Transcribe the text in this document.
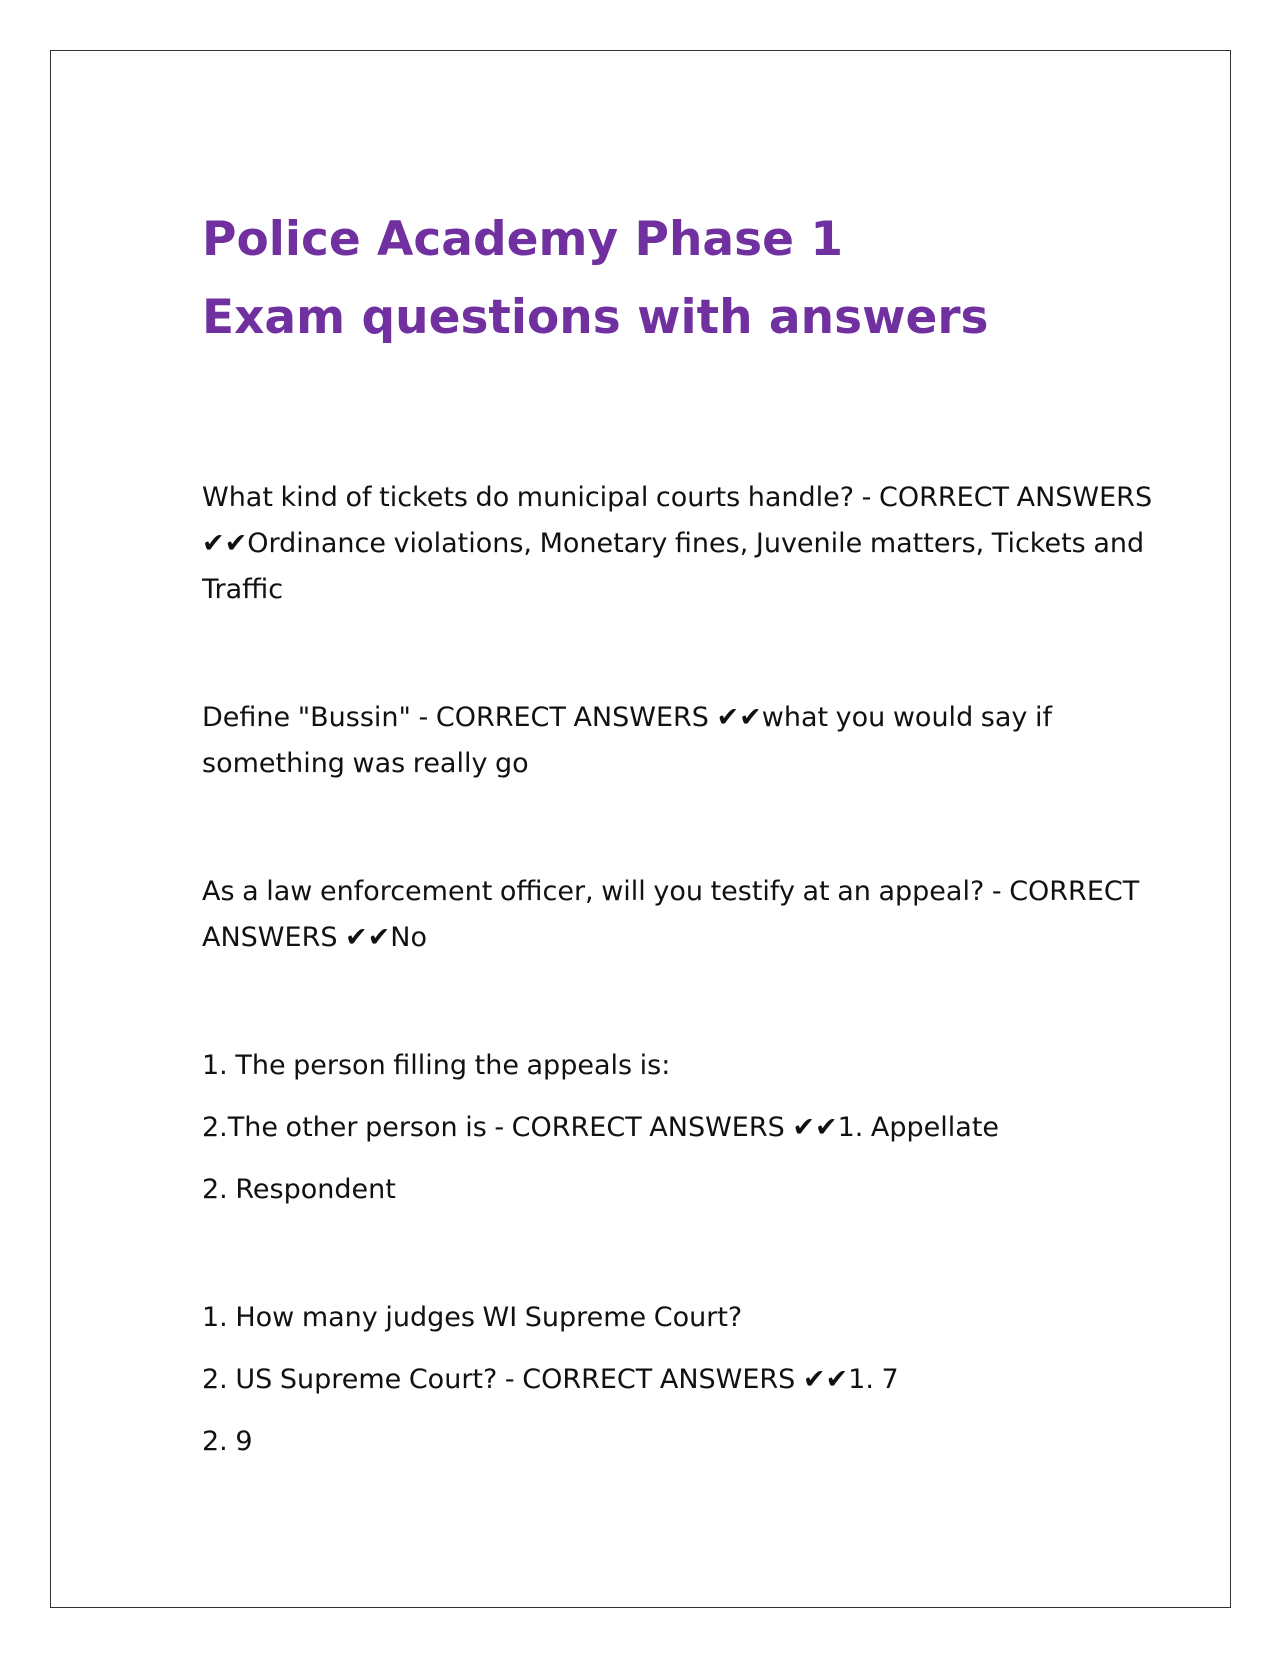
Police Academy Phase 1 Exam questions with answers

What kind of tickets do municipal courts handle? - CORRECT ANSWERS ✔✔Ordinance violations, Monetary fines, Juvenile matters, Tickets and Traffic

Define "Bussin" - CORRECT ANSWERS ✔✔what you would say if something was really go

As a law enforcement officer, will you testify at an appeal? - CORRECT ANSWERS ✔✔No

1. The person filling the appeals is:
2.The other person is - CORRECT ANSWERS ✔✔1. Appellate
2. Respondent

1. How many judges WI Supreme Court?
2. US Supreme Court? - CORRECT ANSWERS ✔✔1. 7
2. 9
